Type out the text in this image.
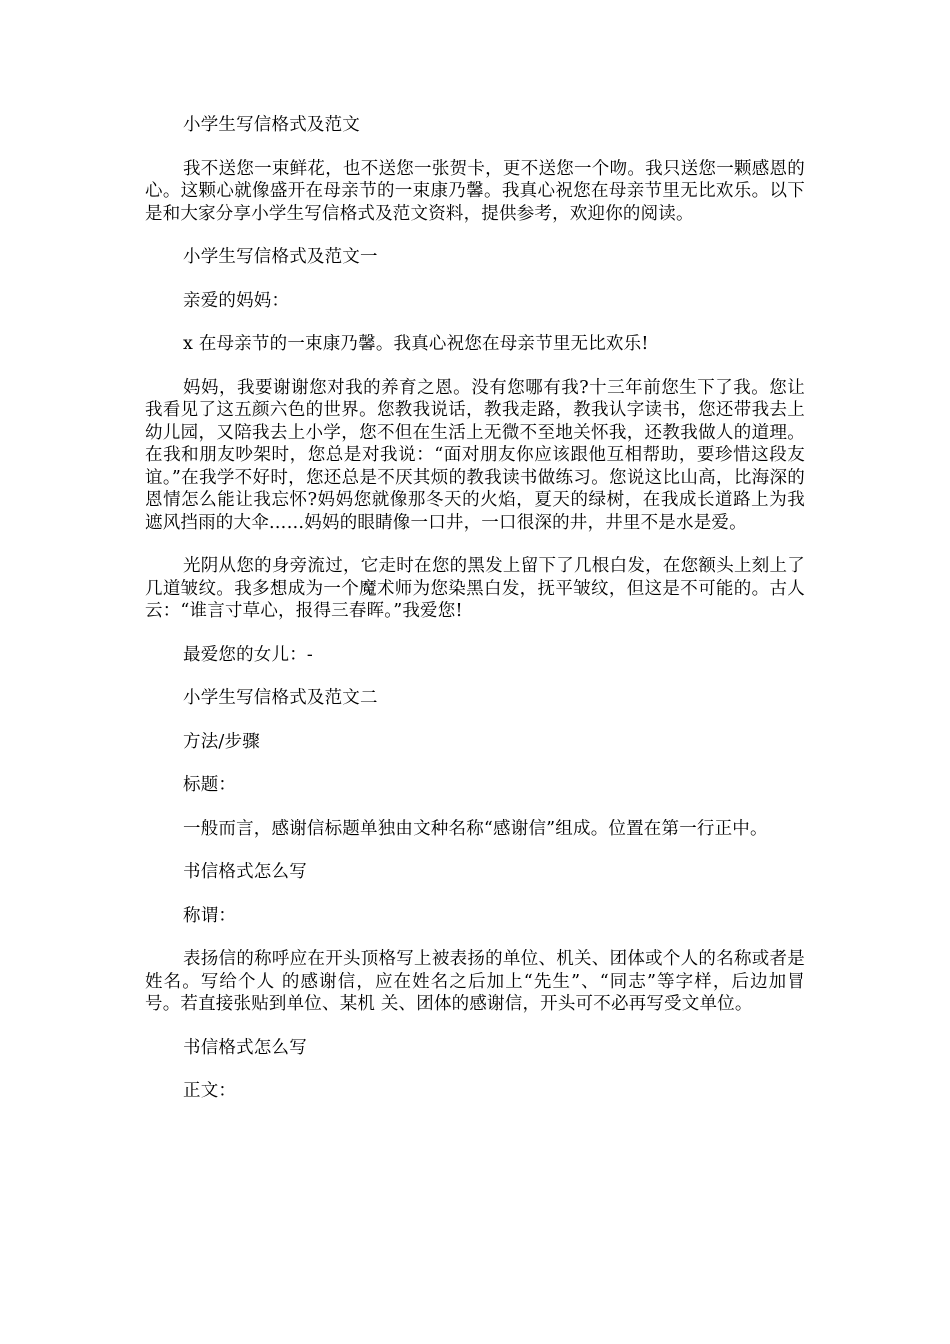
小学生写信格式及范文

我不送您一束鲜花，也不送您一张贺卡，更不送您一个吻。我只送您一颗感恩的心。这颗心就像盛开在母亲节的一束康乃馨。我真心祝您在母亲节里无比欢乐。以下是和大家分享小学生写信格式及范文资料，提供参考，欢迎你的阅读。

小学生写信格式及范文一

亲爱的妈妈：

x 在母亲节的一束康乃馨。我真心祝您在母亲节里无比欢乐!

妈妈，我要谢谢您对我的养育之恩。没有您哪有我?十三年前您生下了我。您让我看见了这五颜六色的世界。您教我说话，教我走路，教我认字读书，您还带我去上幼儿园，又陪我去上小学，您不但在生活上无微不至地关怀我，还教我做人的道理。在我和朋友吵架时，您总是对我说：“面对朋友你应该跟他互相帮助，要珍惜这段友谊。”在我学不好时，您还总是不厌其烦的教我读书做练习。您说这比山高，比海深的恩情怎么能让我忘怀?妈妈您就像那冬天的火焰，夏天的绿树，在我成长道路上为我遮风挡雨的大伞……妈妈的眼睛像一口井，一口很深的井，井里不是水是爱。

光阴从您的身旁流过，它走时在您的黑发上留下了几根白发，在您额头上刻上了几道皱纹。我多想成为一个魔术师为您染黑白发，抚平皱纹，但这是不可能的。古人云：“谁言寸草心，报得三春晖。”我爱您!

最爱您的女儿：-

小学生写信格式及范文二

方法/步骤

标题：

一般而言，感谢信标题单独由文种名称“感谢信”组成。位置在第一行正中。

书信格式怎么写

称谓：

表扬信的称呼应在开头顶格写上被表扬的单位、机关、团体或个人的名称或者是姓名。写给个人 的感谢信，应在姓名之后加上“先生”、“同志”等字样，后边加冒号。若直接张贴到单位、某机 关、团体的感谢信，开头可不必再写受文单位。

书信格式怎么写

正文：
